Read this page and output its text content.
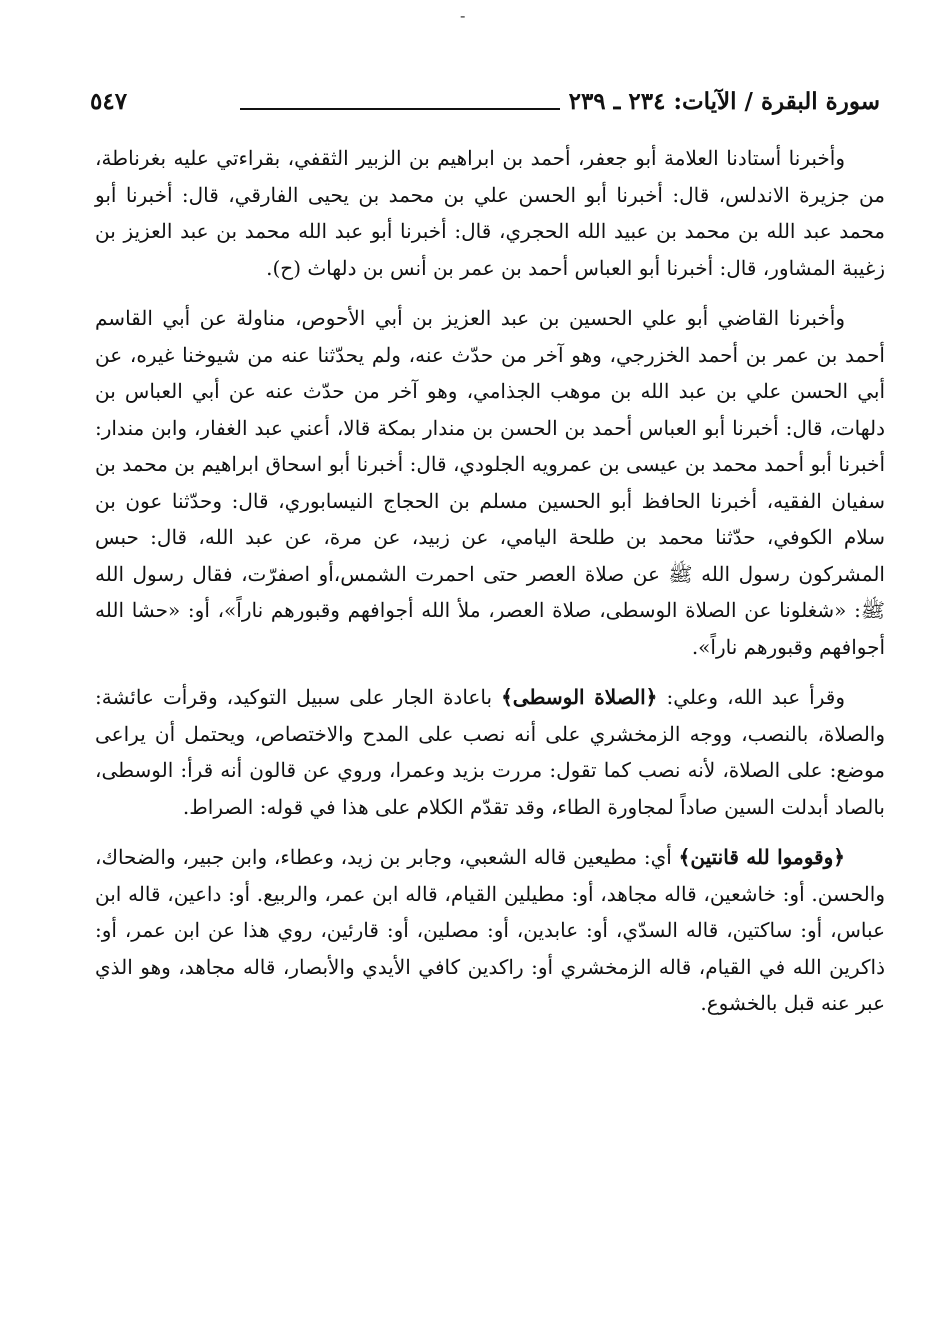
-
سورة البقرة / الآيات: ٢٣٤ ـ ٢٣٩
٥٤٧

وأخبرنا أستادنا العلامة أبو جعفر، أحمد بن ابراهيم بن الزبير الثقفي، بقراءتي عليه بغرناطة، من جزيرة الاندلس، قال: أخبرنا أبو الحسن علي بن محمد بن يحيى الفارقي، قال: أخبرنا أبو محمد عبد الله بن محمد بن عبيد الله الحجري، قال: أخبرنا أبو عبد الله محمد بن عبد العزيز بن زغيبة المشاور، قال: أخبرنا أبو العباس أحمد بن عمر بن أنس بن دلهاث (ح).

وأخبرنا القاضي أبو علي الحسين بن عبد العزيز بن أبي الأحوص، مناولة عن أبي القاسم أحمد بن عمر بن أحمد الخزرجي، وهو آخر من حدّث عنه، ولم يحدّثنا عنه من شيوخنا غيره، عن أبي الحسن علي بن عبد الله بن موهب الجذامي، وهو آخر من حدّث عنه عن أبي العباس بن دلهات، قال: أخبرنا أبو العباس أحمد بن الحسن بن مندار بمكة قالا، أعني عبد الغفار، وابن مندار: أخبرنا أبو أحمد محمد بن عيسى بن عمرويه الجلودي، قال: أخبرنا أبو اسحاق ابراهيم بن محمد بن سفيان الفقيه، أخبرنا الحافظ أبو الحسين مسلم بن الحجاج النيسابوري، قال: وحدّثنا عون بن سلام الكوفي، حدّثنا محمد بن طلحة اليامي، عن زبيد، عن مرة، عن عبد الله، قال: حبس المشركون رسول الله ﷺ عن صلاة العصر حتى احمرت الشمس،أو اصفرّت، فقال رسول الله ﷺ: «شغلونا عن الصلاة الوسطى، صلاة العصر، ملأ الله أجوافهم وقبورهم ناراً»، أو: «حشا الله أجوافهم وقبورهم ناراً».

وقرأ عبد الله، وعلي: ﴿الصلاة الوسطى﴾ باعادة الجار على سبيل التوكيد، وقرأت عائشة: والصلاة، بالنصب، ووجه الزمخشري على أنه نصب على المدح والاختصاص، ويحتمل أن يراعى موضع: على الصلاة، لأنه نصب كما تقول: مررت بزيد وعمرا، وروي عن قالون أنه قرأ: الوسطى، بالصاد أبدلت السين صاداً لمجاورة الطاء، وقد تقدّم الكلام على هذا في قوله: الصراط.

﴿وقوموا لله قانتين﴾ أي: مطيعين قاله الشعبي، وجابر بن زيد، وعطاء، وابن جبير، والضحاك، والحسن. أو: خاشعين، قاله مجاهد، أو: مطيلين القيام، قاله ابن عمر، والربيع. أو: داعين، قاله ابن عباس، أو: ساكتين، قاله السدّي، أو: عابدين، أو: مصلين، أو: قارئين، روي هذا عن ابن عمر، أو: ذاكرين الله في القيام، قاله الزمخشري أو: راكدين كافي الأيدي والأبصار، قاله مجاهد، وهو الذي عبر عنه قبل بالخشوع.
